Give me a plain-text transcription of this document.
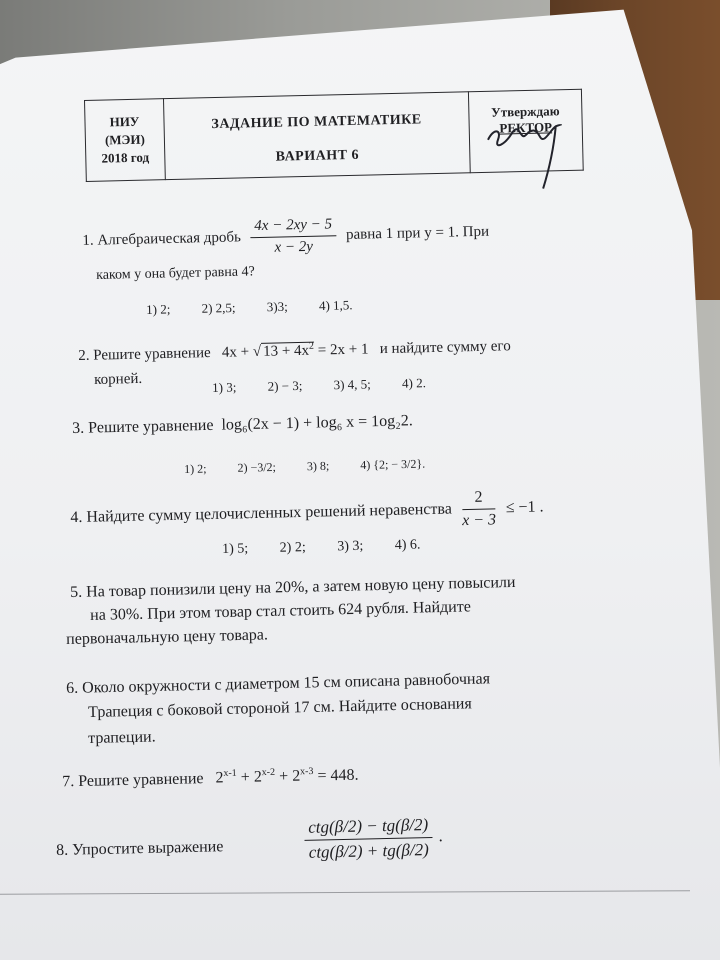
НИУ
(МЭИ)
2018 год

ЗАДАНИЕ ПО МАТЕМАТИКЕ
ВАРИАНТ 6

Утверждаю
РЕКТОР
1. Алгебраическая дробь $\frac{4x - 2xy - 5}{x - 2y}$ равна 1 при y = 1. При
каком y она будет равна 4?
1) 2; 2) 2,5; 3)3; 4) 1,5.
2. Решите уравнение 4x + √ $13 + 4x^2 = 2x + 1$ и найдите сумму его
корней.	1) 3; 2) − 3; 3) 4, 5; 4) 2.
3. Решите уравнение log₆(2x − 1) + log₆ x = 1og₂2.
1) 2;	2) −3/2;	3) 8;	4) {2; − 3/2}.
4. Найдите сумму целочисленных решений неравенства $\frac{2}{x - 3} \le -1$ .
1) 5; 2) 2; 3) 3; 4) 6.
5. На товар понизили цену на 20%, а затем новую цену повысили
на 30%. При этом товар стал стоить 624 рубля. Найдите
первоначальную цену товара.
6. Около окружности с диаметром 15 см описана равнобочная
Трапеция с боковой стороной 17 см. Найдите основания
трапеции.
7. Решите уравнение $2^{x-1} + 2^{x-2} + 2^{x-3} = 448$.
8. Упростите выражение	$\frac{\text{ctg(β/2) − tg(β/2)}}{\text{ctg(β/2) + tg(β/2)}}$ .
